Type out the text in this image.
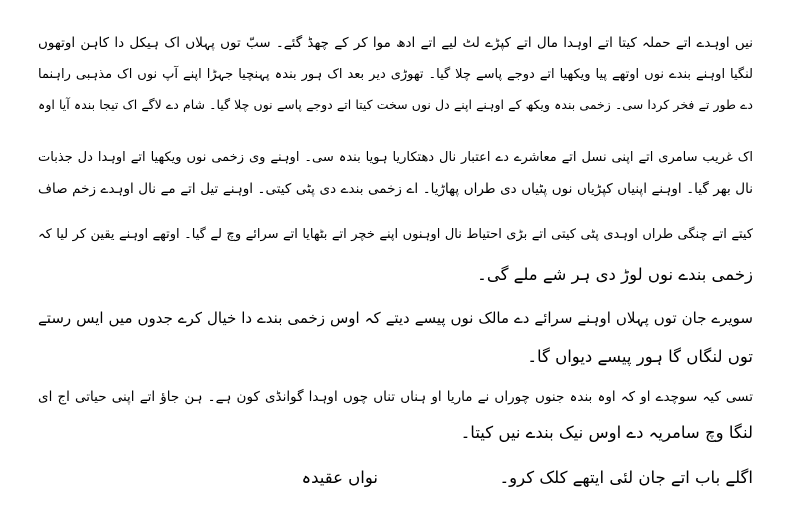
نیں اوہدے اتے حملہ کیتا اتے اوہدا مال اتے کپڑے لٹ لیے اتے ادھ موا کر کے چھڈ گئے۔ سبّ توں پہلاں اک ہیکل دا کاہن اوتھوں
لنگیا اوہنے بندے نوں اوتھے پیا ویکھیا اتے دوجے پاسے چلا گیا۔ تھوڑی دیر بعد اک ہور بندہ پہنچیا جہڑا اپنے آپ نوں اک مذہبی راہنما
دے طور تے فخر کردا سی۔ زخمی بندہ ویکھ کے اوہنے اپنے دل نوں سخت کیتا اتے دوجے پاسے نوں چلا گیا۔ شام دے لاگے اک تیجا بندہ آیا اوہ
اک غریب سامری اتے اپنی نسل اتے معاشرے دے اعتبار نال دھتکاریا ہویا بندہ سی۔ اوہنے وی زخمی نوں ویکھیا اتے اوہدا دل جذبات
نال بھر گیا۔ اوہنے اپنیاں کپڑیاں نوں پٹیاں دی طراں پھاڑیا۔ اے زخمی بندے دی پٹی کیتی۔ اوہنے تیل اتے مے نال اوہدے زخم صاف
کیتے اتے چنگی طراں اوہدی پٹی کیتی اتے بڑی احتیاط نال اوہنوں اپنے خچر اتے بٹھایا اتے سرائے وچ لے گیا۔ اوتھے اوہنے یقین کر لیا کہ
زخمی بندے نوں لوڑ دی ہر شے ملے گی۔
سویرے جان توں پہلاں اوہنے سرائے دے مالک نوں پیسے دیتے کہ اوس زخمی بندے دا خیال کرے جدوں میں ایس رستے
توں لنگاں گا ہور پیسے دیواں گا۔
تسی کیہ سوچدے او کہ اوہ بندہ جنوں چوراں نے ماریا او ہناں تناں چوں اوہدا گوانڈی کون ہے۔ ہن جاؤ اتے اپنی حیاتی اج ای
لنگا وچ سامریہ دے اوس نیک بندے نیں کیتا۔
اگلے باب اتے جان لئی ایتھے کلک کرو۔
نواں عقیدہ
